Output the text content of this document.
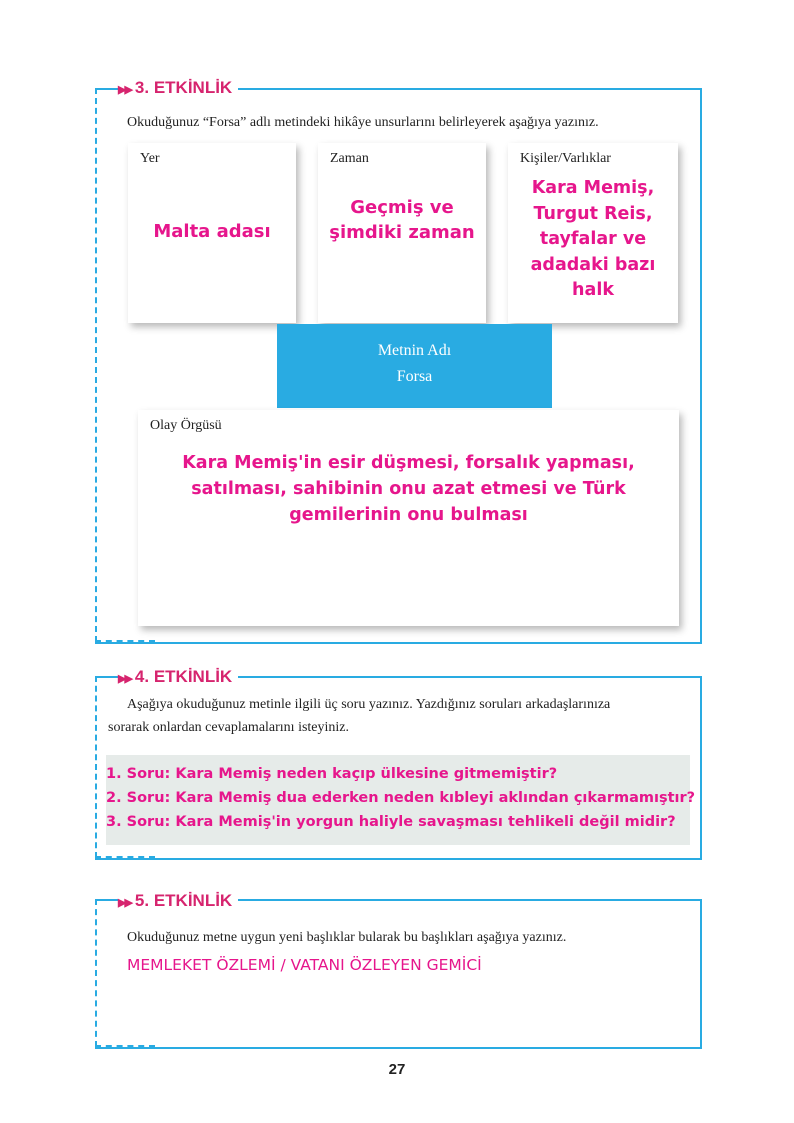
▶▶ 3. ETKİNLİK
Okuduğunuz “Forsa” adlı metindeki hikâye unsurlarını belirleyerek aşağıya yazınız.
Yer
Malta adası
Zaman
Geçmiş ve
şimdiki zaman
Kişiler/Varlıklar
Kara Memiş,
Turgut Reis,
tayfalar ve
adadaki bazı
halk
Metnin Adı
Forsa
Olay Örgüsü
Kara Memiş'in esir düşmesi, forsalık yapması,
satılması, sahibinin onu azat etmesi ve Türk
gemilerinin onu bulması
▶▶ 4. ETKİNLİK
Aşağıya okuduğunuz metinle ilgili üç soru yazınız. Yazdığınız soruları arkadaşlarınıza
sorarak onlardan cevaplamalarını isteyiniz.
1. Soru: Kara Memiş neden kaçıp ülkesine gitmemiştir?
2. Soru: Kara Memiş dua ederken neden kıbleyi aklından çıkarmamıştır?
3. Soru: Kara Memiş'in yorgun haliyle savaşması tehlikeli değil midir?
▶▶ 5. ETKİNLİK
Okuduğunuz metne uygun yeni başlıklar bularak bu başlıkları aşağıya yazınız.
MEMLEKET ÖZLEMİ / VATANI ÖZLEYEN GEMİCİ
27
